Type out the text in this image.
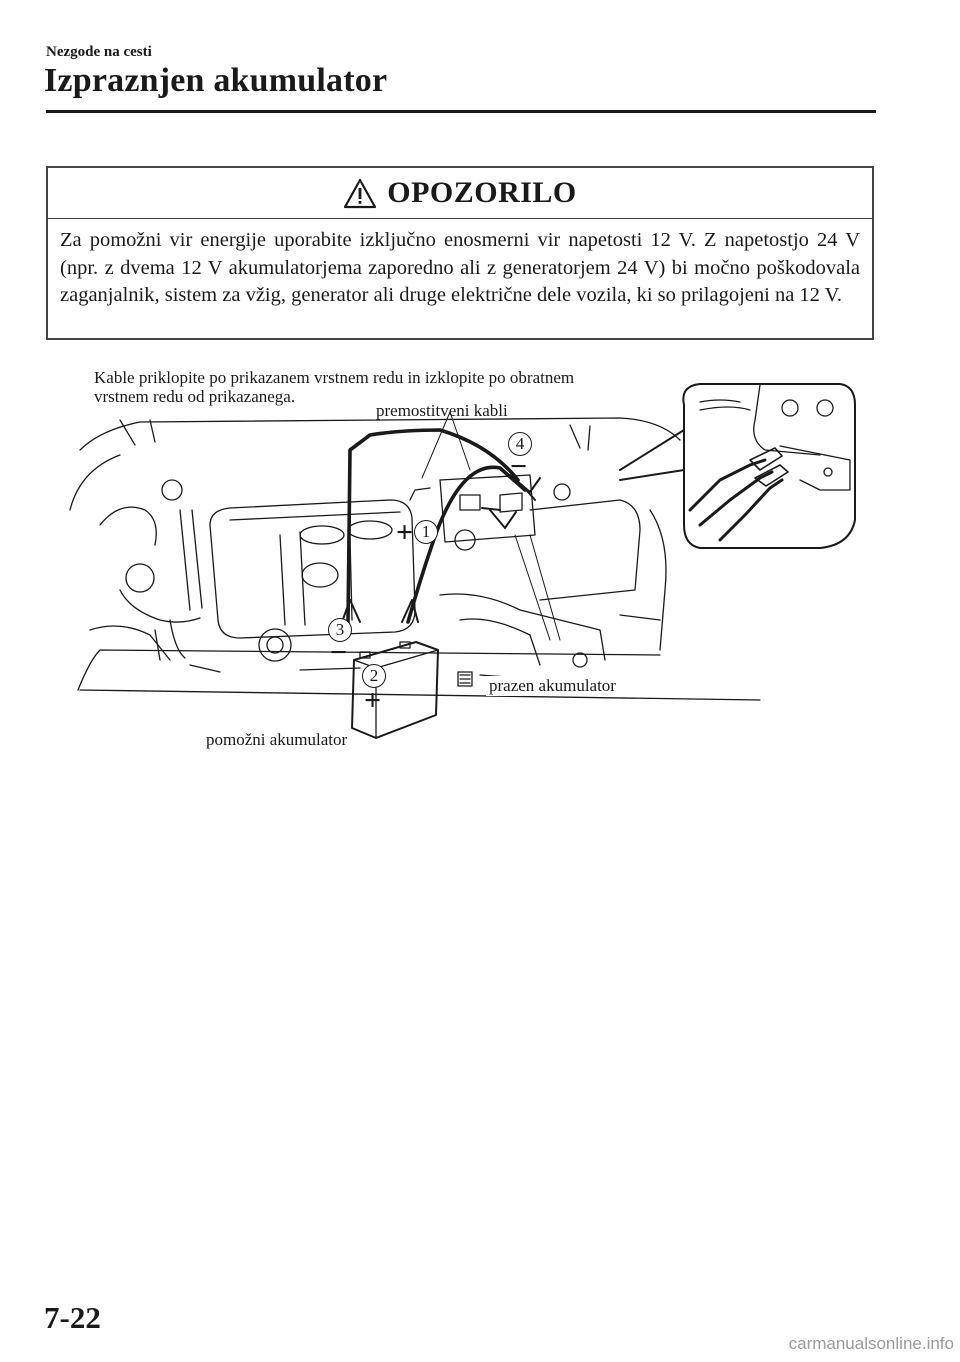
Nezgode na cesti
Izpraznjen akumulator
OPOZORILO
Za pomožni vir energije uporabite izključno enosmerni vir napetosti 12 V. Z napetostjo 24 V (npr. z dvema 12 V akumulatorjema zaporedno ali z generatorjem 24 V) bi močno poškodovala zaganjalnik, sistem za vžig, generator ali druge električne dele vozila, ki so prilagojeni na 12 V.
1
+
2
+
3
−
4
−
Kable priklopite po prikazanem vrstnem redu in izklopite po obratnem
vrstnem redu od prikazanega.
premostitveni kabli
prazen akumulator
pomožni akumulator
7-22
carmanualsonline.info
